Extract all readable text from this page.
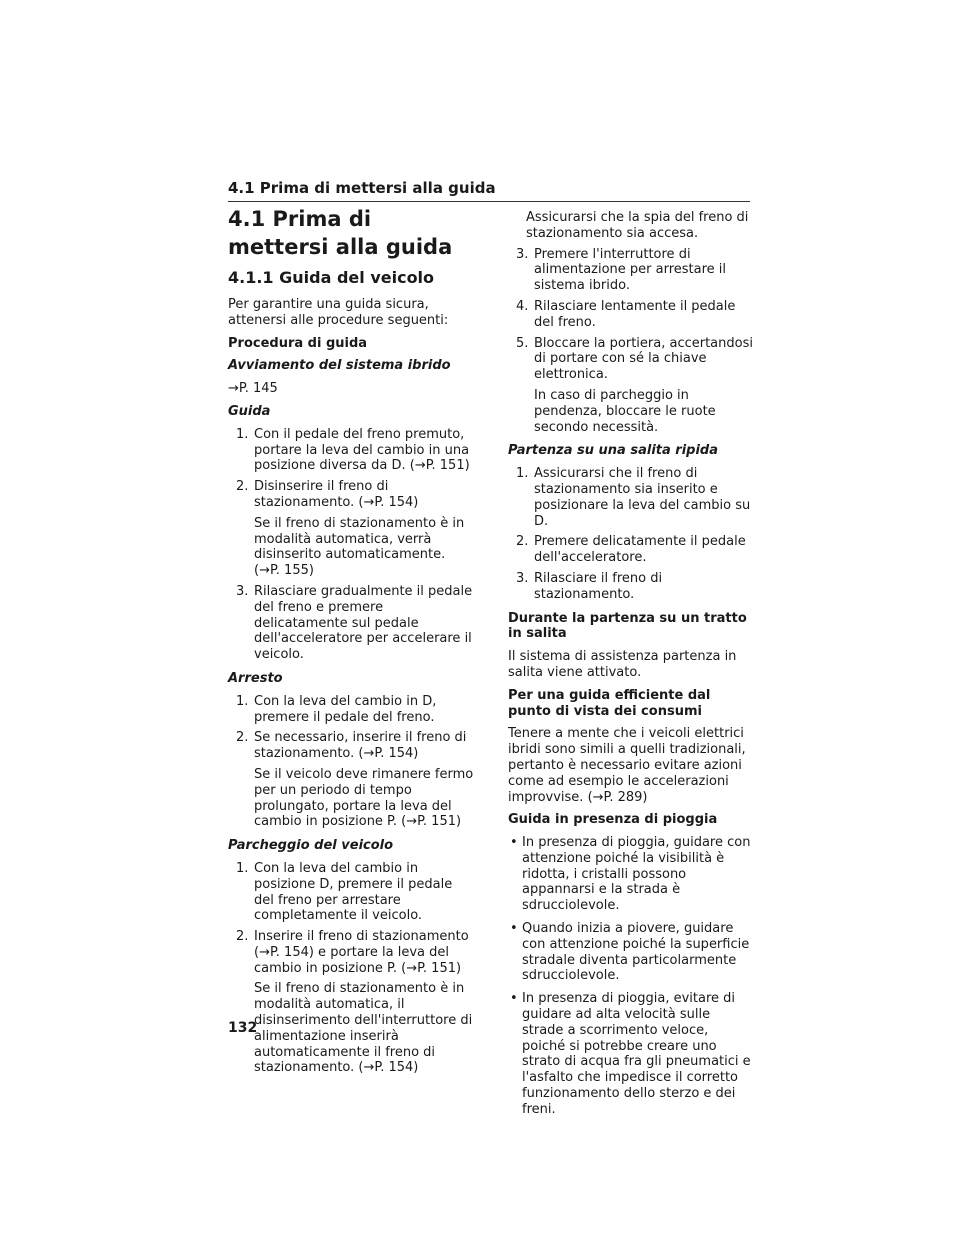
4.1 Prima di mettersi alla guida
4.1 Prima di mettersi alla guida
4.1.1 Guida del veicolo

Per garantire una guida sicura, attenersi alle procedure seguenti:

Procedura di guida

Avviamento del sistema ibrido

→P. 145

Guida

1. Con il pedale del freno premuto, portare la leva del cambio in una posizione diversa da D. (→P. 151)
2. Disinserire il freno di stazionamento. (→P. 154)
Se il freno di stazionamento è in modalità automatica, verrà disinserito automaticamente. (→P. 155)
3. Rilasciare gradualmente il pedale del freno e premere delicatamente sul pedale dell'acceleratore per accelerare il veicolo.

Arresto

1. Con la leva del cambio in D, premere il pedale del freno.
2. Se necessario, inserire il freno di stazionamento. (→P. 154)
Se il veicolo deve rimanere fermo per un periodo di tempo prolungato, portare la leva del cambio in posizione P. (→P. 151)

Parcheggio del veicolo

1. Con la leva del cambio in posizione D, premere il pedale del freno per arrestare completamente il veicolo.
2. Inserire il freno di stazionamento (→P. 154) e portare la leva del cambio in posizione P. (→P. 151)
Se il freno di stazionamento è in modalità automatica, il disinserimento dell'interruttore di alimentazione inserirà automaticamente il freno di stazionamento. (→P. 154)
Assicurarsi che la spia del freno di stazionamento sia accesa.
3. Premere l'interruttore di alimentazione per arrestare il sistema ibrido.
4. Rilasciare lentamente il pedale del freno.
5. Bloccare la portiera, accertandosi di portare con sé la chiave elettronica.
In caso di parcheggio in pendenza, bloccare le ruote secondo necessità.

Partenza su una salita ripida

1. Assicurarsi che il freno di stazionamento sia inserito e posizionare la leva del cambio su D.
2. Premere delicatamente il pedale dell'acceleratore.
3. Rilasciare il freno di stazionamento.

Durante la partenza su un tratto in salita

Il sistema di assistenza partenza in salita viene attivato.

Per una guida efficiente dal punto di vista dei consumi

Tenere a mente che i veicoli elettrici ibridi sono simili a quelli tradizionali, pertanto è necessario evitare azioni come ad esempio le accelerazioni improvvise. (→P. 289)

Guida in presenza di pioggia

• In presenza di pioggia, guidare con attenzione poiché la visibilità è ridotta, i cristalli possono appannarsi e la strada è sdrucciolevole.
• Quando inizia a piovere, guidare con attenzione poiché la superficie stradale diventa particolarmente sdrucciolevole.
• In presenza di pioggia, evitare di guidare ad alta velocità sulle strade a scorrimento veloce, poiché si potrebbe creare uno strato di acqua fra gli pneumatici e l'asfalto che impedisce il corretto funzionamento dello sterzo e dei freni.
132
